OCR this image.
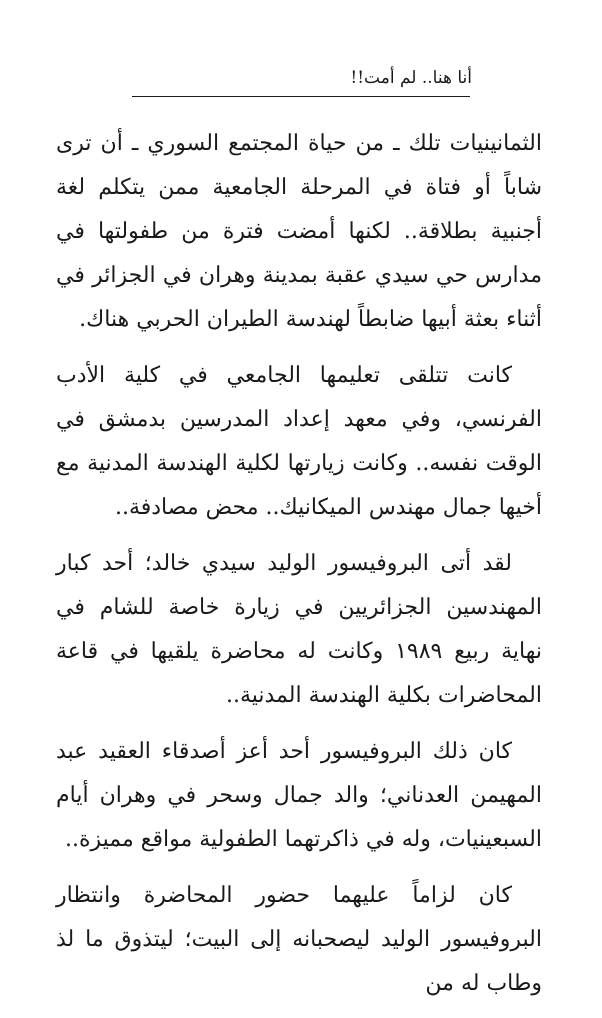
أنا هنا.. لم أمت!!

الثمانينيات تلك ـ من حياة المجتمع السوري ـ أن ترى شاباً أو فتاة في المرحلة الجامعية ممن يتكلم لغة أجنبية بطلاقة.. لكنها أمضت فترة من طفولتها في مدارس حي سيدي عقبة بمدينة وهران في الجزائر في أثناء بعثة أبيها ضابطاً لهندسة الطيران الحربي هناك.

كانت تتلقى تعليمها الجامعي في كلية الأدب الفرنسي، وفي معهد إعداد المدرسين بدمشق في الوقت نفسه.. وكانت زيارتها لكلية الهندسة المدنية مع أخيها جمال مهندس الميكانيك.. محض مصادفة..

لقد أتى البروفيسور الوليد سيدي خالد؛ أحد كبار المهندسين الجزائريين في زيارة خاصة للشام في نهاية ربيع ١٩٨٩ وكانت له محاضرة يلقيها في قاعة المحاضرات بكلية الهندسة المدنية..

كان ذلك البروفيسور أحد أعز أصدقاء العقيد عبد المهيمن العدناني؛ والد جمال وسحر في وهران أيام السبعينيات، وله في ذاكرتهما الطفولية مواقع مميزة..

كان لزاماً عليهما حضور المحاضرة وانتظار البروفيسور الوليد ليصحبانه إلى البيت؛ ليتذوق ما لذ وطاب له من
